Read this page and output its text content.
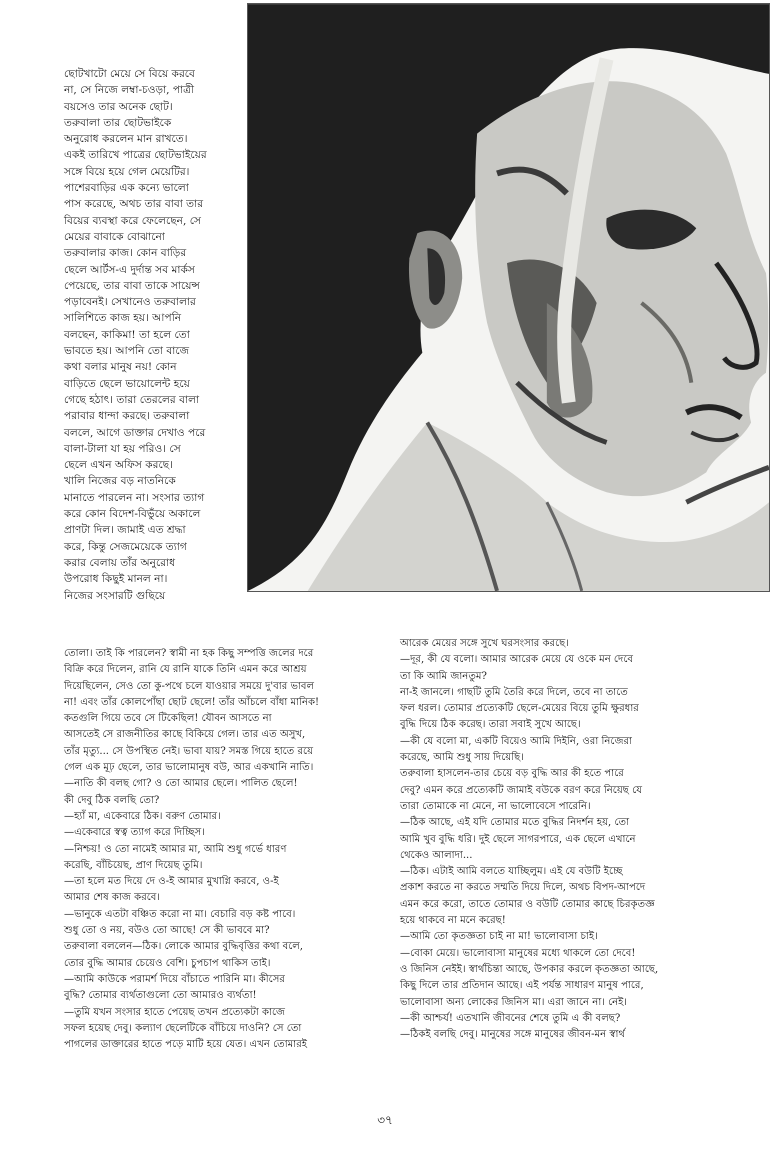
ছোটখাটো মেয়ে সে বিয়ে করবে
না, সে নিজে লম্বা-চওড়া, পাত্রী
বয়সেও তার অনেক ছোট।
তরুবালা তার ছোটভাইকে
অনুরোধ করলেন মান রাখতে।
একই তারিখে পাত্রের ছোটভাইয়ের
সঙ্গে বিয়ে হয়ে গেল মেয়েটির।
পাশেরবাড়ির এক কন্যে ভালো
পাস করেছে, অথচ তার বাবা তার
বিয়ের ব্যবস্থা করে ফেলেছেন, সে
মেয়ের বাবাকে বোঝানো
তরুবালার কাজ। কোন বাড়ির
ছেলে আর্টস-এ দুর্দান্ত সব মার্কস
পেয়েছে, তার বাবা তাকে সায়েন্স
পড়াবেনই। সেখানেও তরুবালার
সালিশিতে কাজ হয়। আপনি
বলছেন, কাকিমা! তা হলে তো
ভাবতে হয়। আপনি তো বাজে
কথা বলার মানুষ নয়! কোন
বাড়িতে ছেলে ভায়োলেন্ট হয়ে
গেছে হঠাৎ। তারা তেরলের বালা
পরাবার ধান্দা করছে। তরুবালা
বললে, আগে ডাক্তার দেখাও পরে
বালা-টালা যা হয় পরিও। সে
ছেলে এখন অফিস করছে।
খালি নিজের বড় নাতনিকে
মানাতে পারলেন না। সংসার ত্যাগ
করে কোন বিদেশ-বিভুঁয়ে অকালে
প্রাণটা দিল। জামাই এত শ্রদ্ধা
করে, কিন্তু সেজমেয়েকে ত্যাগ
করার বেলায় তাঁর অনুরোধ
উপরোধ কিছুই মানল না।
নিজের সংসারটি গুছিয়ে
তোলা। তাই কি পারলেন? স্বামী না হক কিছু সম্পত্তি জলের দরে
বিক্রি করে দিলেন, রানি যে রানি যাকে তিনি এমন করে আশ্রয়
দিয়েছিলেন, সেও তো কু-পথে চলে যাওয়ার সময়ে দু'বার ভাবল
না! এবং তাঁর কোলপোঁছা ছোট ছেলে! তাঁর আঁচলে বাঁধা মানিক!
কতগুলি গিয়ে তবে সে টিকেছিল! যৌবন আসতে না
আসতেই সে রাজনীতির কাছে বিকিয়ে গেল। তার এত অসুখ,
তাঁর মৃত্যু... সে উপস্থিত নেই। ভাবা যায়? সমস্ত গিয়ে হাতে রয়ে
গেল এক মূঢ় ছেলে, তার ভালোমানুষ বউ, আর একখানি নাতি।
—নাতি কী বলছ গো? ও তো আমার ছেলে। পালিত ছেলে!
কী দেবু ঠিক বলছি তো?
—হ্যাঁ মা, একেবারে ঠিক। বরুণ তোমার।
—একেবারে স্বত্ব ত্যাগ করে দিচ্ছিস।
—নিশ্চয়! ও তো নামেই আমার মা, আমি শুধু গর্ভে ধারণ
করেছি, বাঁচিয়েছ, প্রাণ দিয়েছ তুমি।
—তা হলে মত দিয়ে দে ও-ই আমার মুখাগ্নি করবে, ও-ই
আমার শেষ কাজ করবে।
—ভানুকে এতটা বঞ্চিত করো না মা। বেচারি বড় কষ্ট পাবে।
শুধু তো ও নয়, বউও তো আছে! সে কী ভাববে মা?
তরুবালা বললেন—ঠিক। লোকে আমার বুদ্ধিবৃত্তির কথা বলে,
তোর বুদ্ধি আমার চেয়েও বেশি। চুপচাপ থাকিস তাই।
—আমি কাউকে পরামর্শ দিয়ে বাঁচাতে পারিনি মা। কীসের
বুদ্ধি? তোমার ব্যর্থতাগুলো তো আমারও ব্যর্থতা!
—তুমি যখন সংসার হাতে পেয়েছ তখন প্রত্যেকটা কাজে
সফল হয়েছ দেবু। কল্যাণ ছেলেটিকে বাঁচিয়ে দাওনি? সে তো
পাগলের ডাক্তারের হাতে পড়ে মাটি হয়ে যেত। এখন তোমারই
আরেক মেয়ের সঙ্গে সুখে ঘরসংসার করছে।
—দূর, কী যে বলো। আমার আরেক মেয়ে যে ওকে মন দেবে
তা কি আমি জানতুম?
না-ই জানলে। গাছটি তুমি তৈরি করে দিলে, তবে না তাতে
ফল ধরল। তোমার প্রত্যেকটি ছেলে-মেয়ের বিয়ে তুমি ক্ষুরধার
বুদ্ধি দিয়ে ঠিক করেছ। তারা সবাই সুখে আছে।
—কী যে বলো মা, একটি বিয়েও আমি দিইনি, ওরা নিজেরা
করেছে, আমি শুধু সায় দিয়েছি।
তরুবালা হাসলেন-তার চেয়ে বড় বুদ্ধি আর কী হতে পারে
দেবু? এমন করে প্রত্যেকটি জামাই বউকে বরণ করে নিয়েছ যে
তারা তোমাকে না মেনে, না ভালোবেসে পারেনি।
—ঠিক আছে, এই যদি তোমার মতে বুদ্ধির নিদর্শন হয়, তো
আমি খুব বুদ্ধি ধরি। দুই ছেলে সাগরপারে, এক ছেলে এখানে
থেকেও আলাদা...
—ঠিক। এটাই আমি বলতে যাচ্ছিলুম। এই যে বউটি ইচ্ছে
প্রকাশ করতে না করতে সম্মতি দিয়ে দিলে, অথচ বিপদ-আপদে
এমন করে করো, তাতে তোমার ও বউটি তোমার কাছে চিরকৃতজ্ঞ
হয়ে থাকবে না মনে করেছ!
—আমি তো কৃতজ্ঞতা চাই না মা! ভালোবাসা চাই।
—বোকা মেয়ে। ভালোবাসা মানুষের মধ্যে থাকলে তো দেবে!
ও জিনিস নেইই। স্বার্থচিন্তা আছে, উপকার করলে কৃতজ্ঞতা আছে,
কিছু দিলে তার প্রতিদান আছে। এই পর্যন্ত সাধারণ মানুষ পারে,
ভালোবাসা অন্য লোকের জিনিস মা। এরা জানে না। নেই।
—কী আশ্চর্য! এতখানি জীবনের শেষে তুমি এ কী বলছ?
—ঠিকই বলছি দেবু। মানুষের সঙ্গে মানুষের জীবন-মন স্বার্থ
৩৭
